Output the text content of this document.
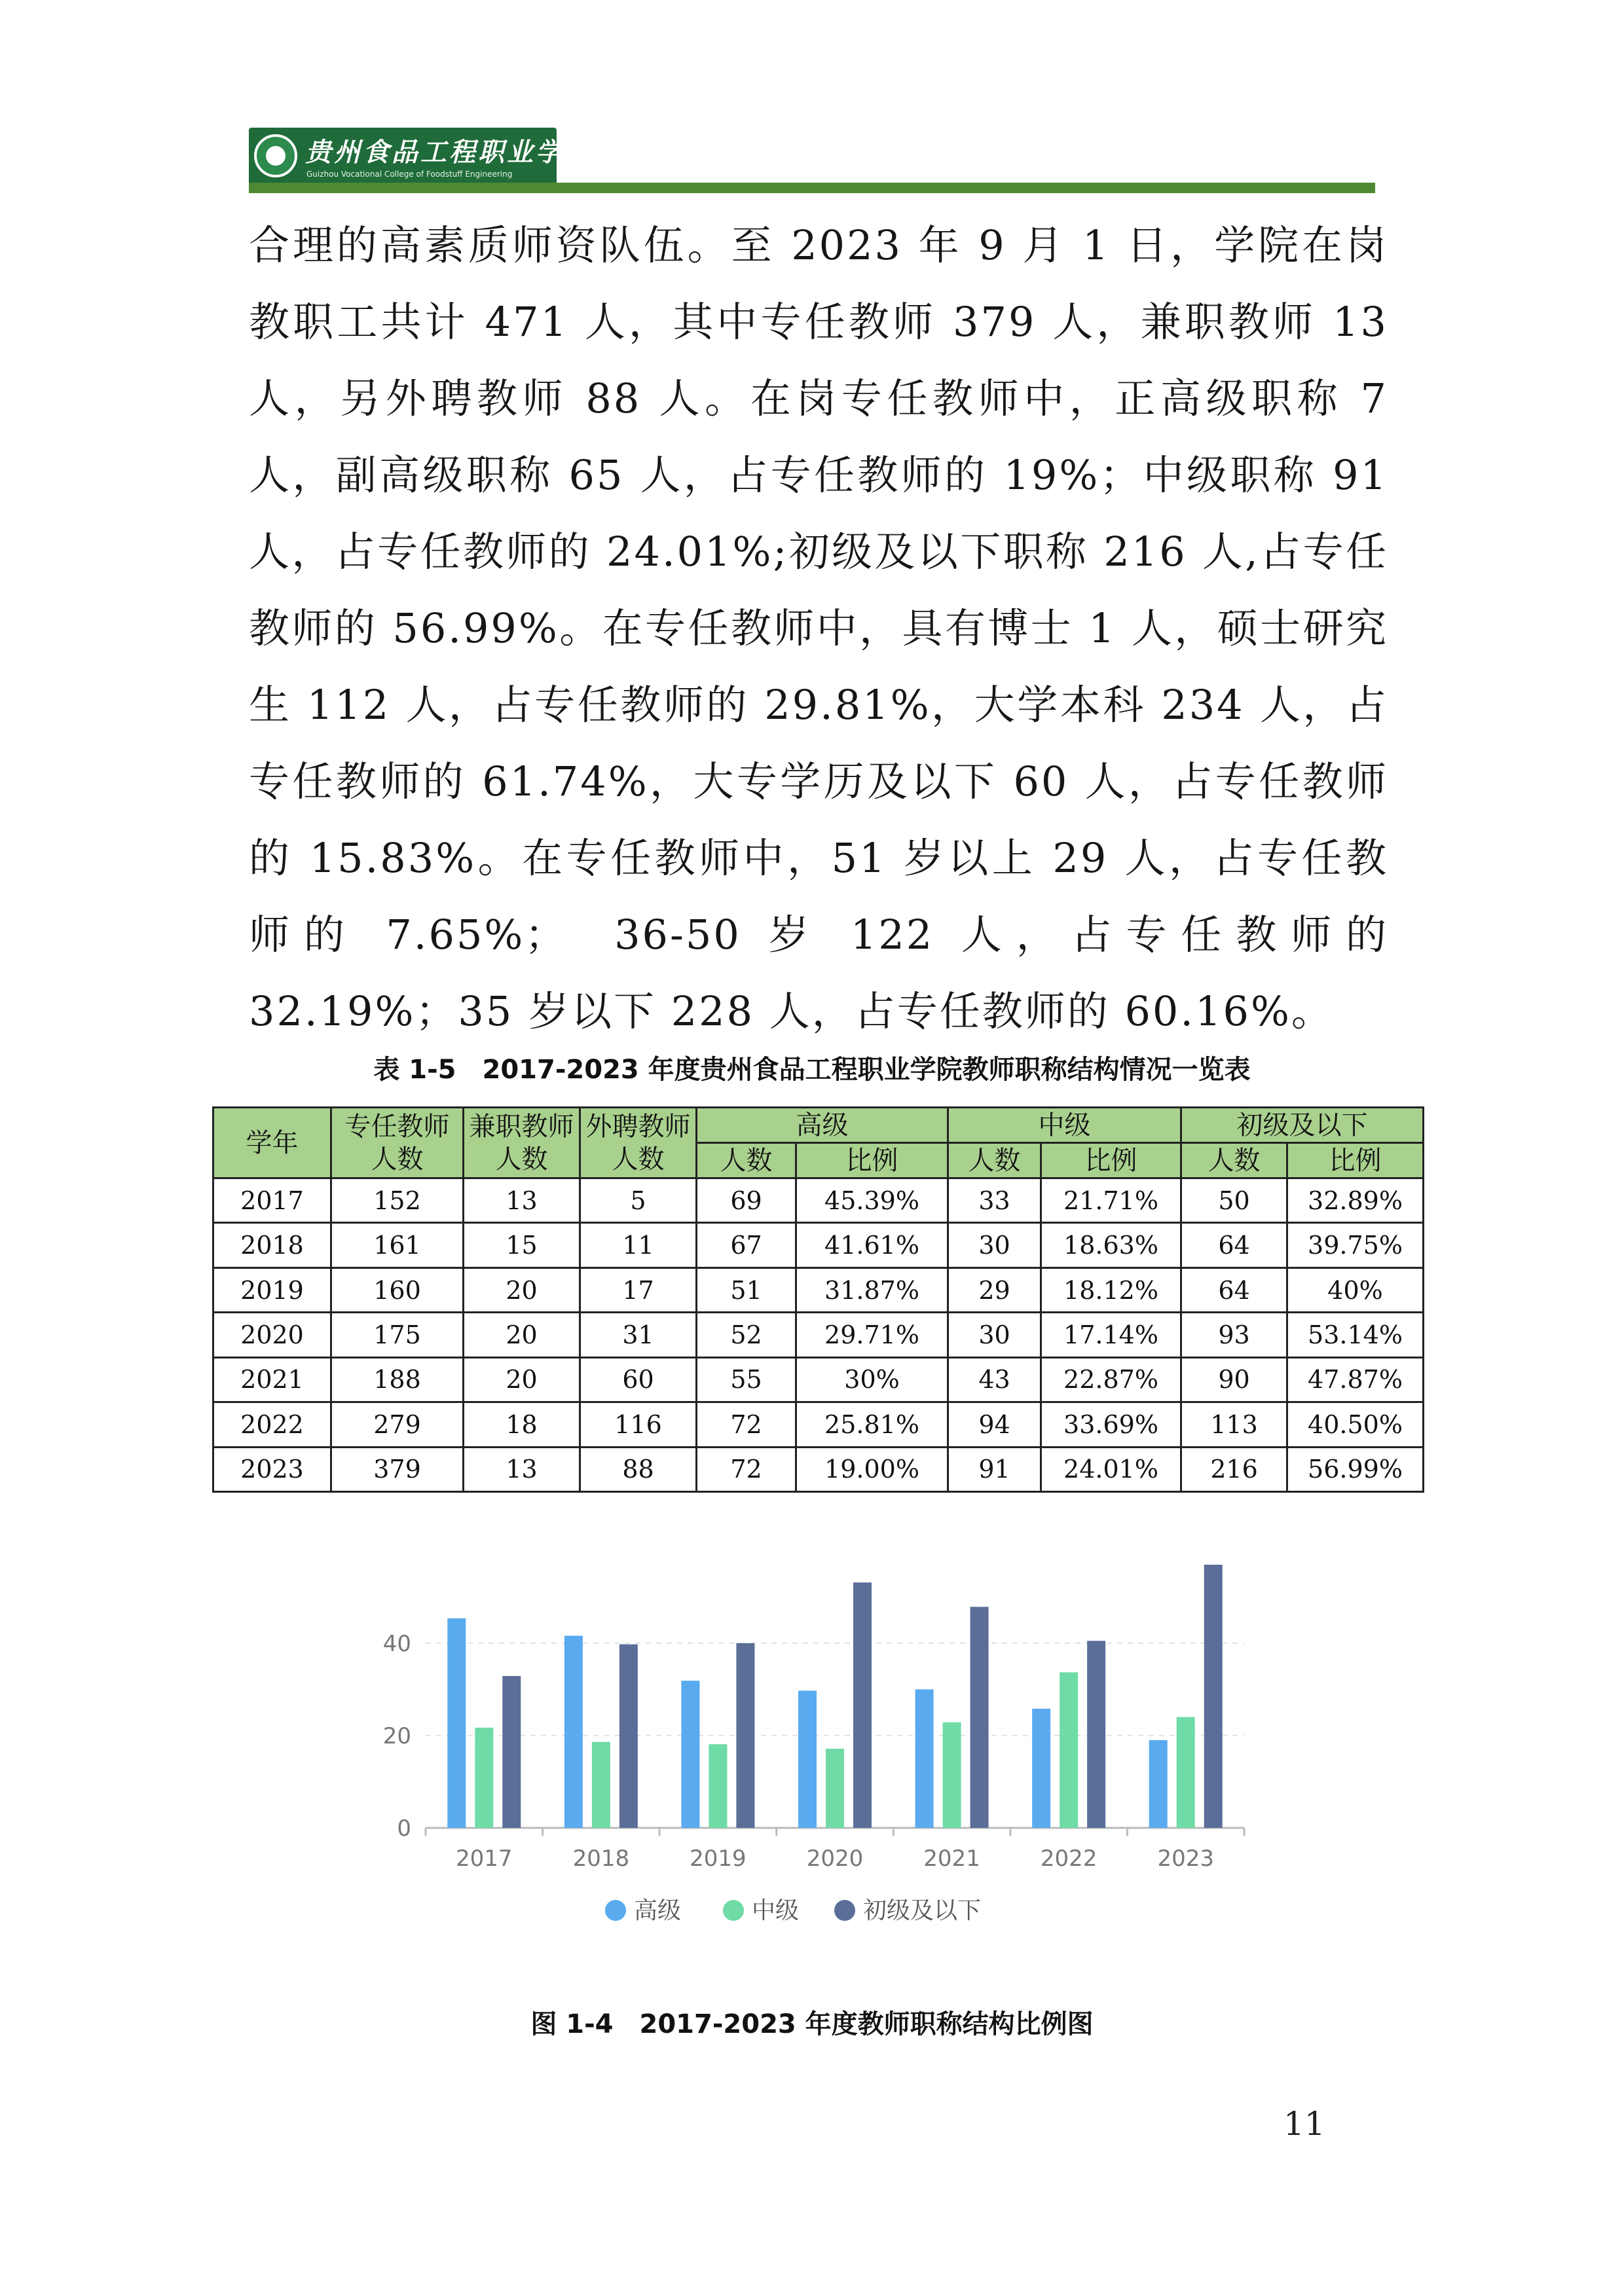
贵州食品工程职业学院
Guizhou Vocational College of Foodstuff Engineering
合理的高素质师资队伍。至 2023 年 9 月 1 日，学院在岗教职工共计 471 人，其中专任教师 379 人，兼职教师 13 人，另外聘教师 88 人。在岗专任教师中，正高级职称 7 人，副高级职称 65 人，占专任教师的 19%；中级职称 91 人，占专任教师的 24.01%;初级及以下职称 216 人,占专任教师的 56.99%。在专任教师中，具有博士 1 人，硕士研究生 112 人，占专任教师的 29.81%，大学本科 234 人，占专任教师的 61.74%，大专学历及以下 60 人，占专任教师的 15.83%。在专任教师中，51 岁以上 29 人，占专任教师的 7.65%；　36-50 岁 122 人，占专任教师的 32.19%；35 岁以下 228 人，占专任教师的 60.16%。
表 1-5　2017-2023 年度贵州食品工程职业学院教师职称结构情况一览表
学年	专任教师人数	兼职教师人数	外聘教师人数	高级		中级		初级及以下	
				人数	比例	人数	比例	人数	比例
2017	152	13	5	69	45.39%	33	21.71%	50	32.89%
2018	161	15	11	67	41.61%	30	18.63%	64	39.75%
2019	160	20	17	51	31.87%	29	18.12%	64	40%
2020	175	20	31	52	29.71%	30	17.14%	93	53.14%
2021	188	20	60	55	30%	43	22.87%	90	47.87%
2022	279	18	116	72	25.81%	94	33.69%	113	40.50%
2023	379	13	88	72	19.00%	91	24.01%	216	56.99%
0
20
40
2017	2018	2019	2020	2021	2022	2023
高级	中级	初级及以下
图 1-4　2017-2023 年度教师职称结构比例图
11
